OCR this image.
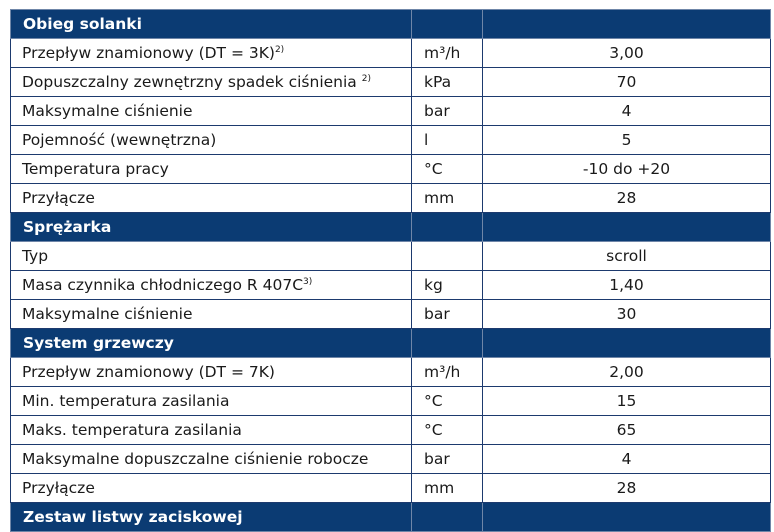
Obieg solanki		
Przepływ znamionowy (DT = 3K)$^{2)}$	m³/h	3,00
Dopuszczalny zewnętrzny spadek ciśnienia $^{2)}$	kPa	70
Maksymalne ciśnienie	bar	4
Pojemność (wewnętrzna)	l	5
Temperatura pracy	°C	-10 do +20
Przyłącze	mm	28
Sprężarka		
Typ		scroll
Masa czynnika chłodniczego R $407C^{3)}$	kg	1,40
Maksymalne ciśnienie	bar	30
System grzewczy		
Przepływ znamionowy (DT = 7K)	m³/h	2,00
Min. temperatura zasilania	°C	15
Maks. temperatura zasilania	°C	65
Maksymalne dopuszczalne ciśnienie robocze	bar	4
Przyłącze	mm	28
Zestaw listwy zaciskowej		
